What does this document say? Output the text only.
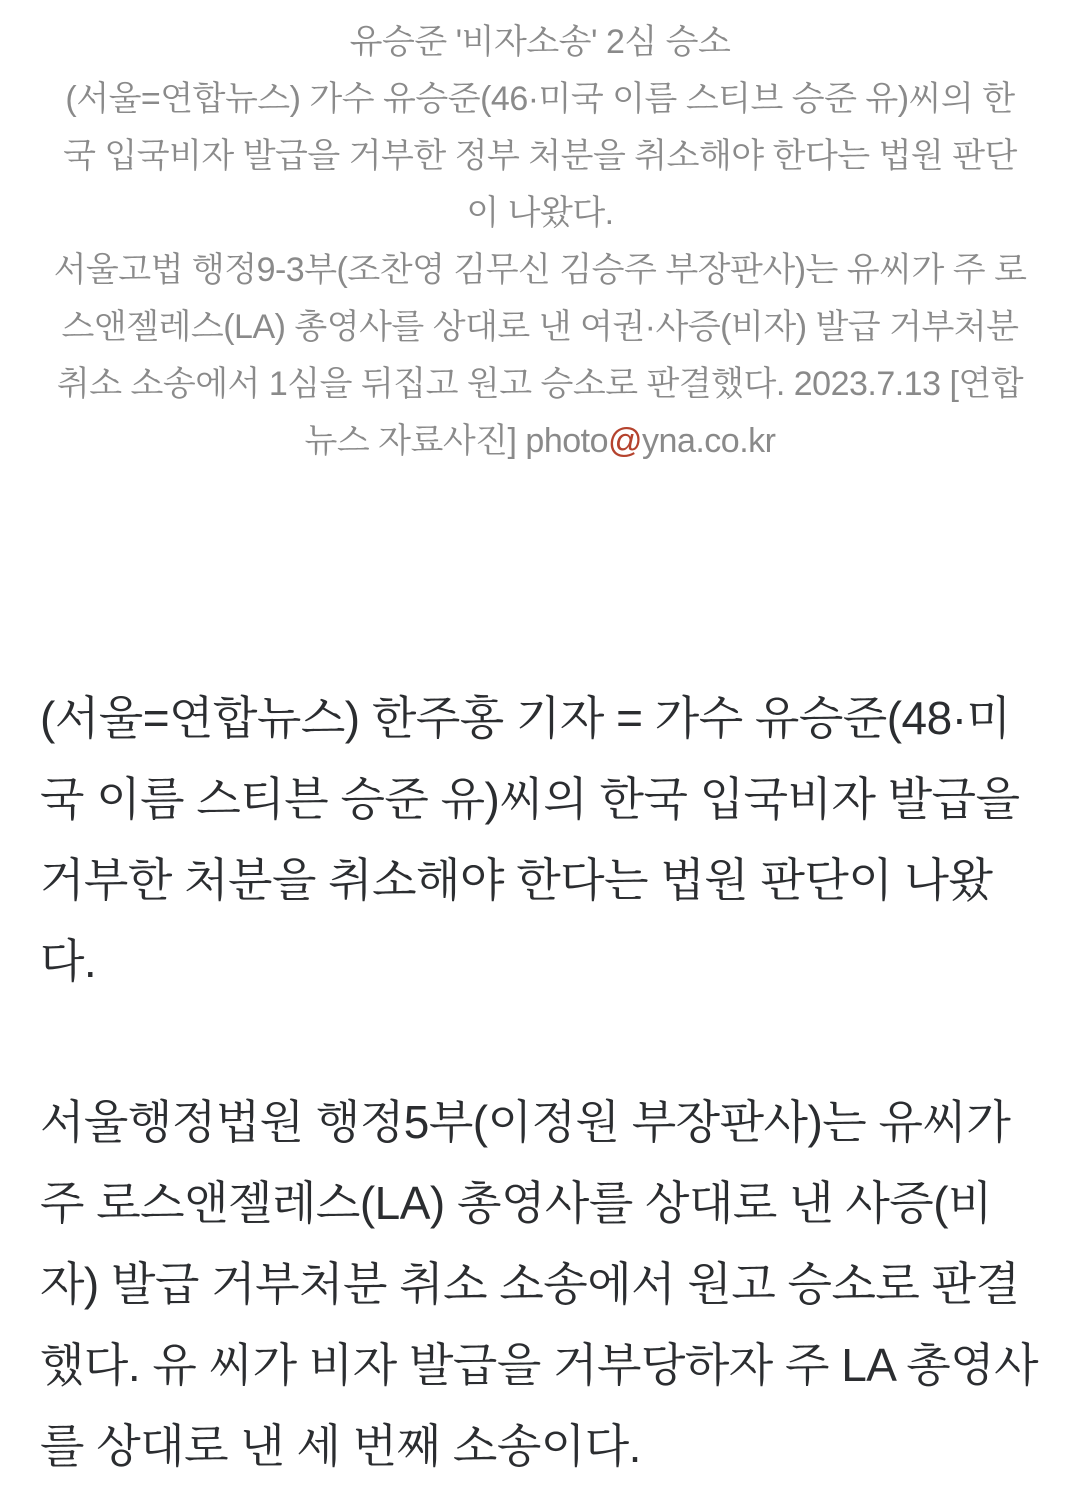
유승준 '비자소송' 2심 승소
(서울=연합뉴스) 가수 유승준(46·미국 이름 스티브 승준 유)씨의 한국 입국비자 발급을 거부한 정부 처분을 취소해야 한다는 법원 판단이 나왔다.
서울고법 행정9-3부(조찬영 김무신 김승주 부장판사)는 유씨가 주 로스앤젤레스(LA) 총영사를 상대로 낸 여권·사증(비자) 발급 거부처분 취소 소송에서 1심을 뒤집고 원고 승소로 판결했다. 2023.7.13 [연합뉴스 자료사진] photo@yna.co.kr

(서울=연합뉴스) 한주홍 기자 = 가수 유승준(48·미국 이름 스티븐 승준 유)씨의 한국 입국비자 발급을 거부한 처분을 취소해야 한다는 법원 판단이 나왔다.

서울행정법원 행정5부(이정원 부장판사)는 유씨가 주 로스앤젤레스(LA) 총영사를 상대로 낸 사증(비자) 발급 거부처분 취소 소송에서 원고 승소로 판결했다. 유 씨가 비자 발급을 거부당하자 주 LA 총영사를 상대로 낸 세 번째 소송이다.
